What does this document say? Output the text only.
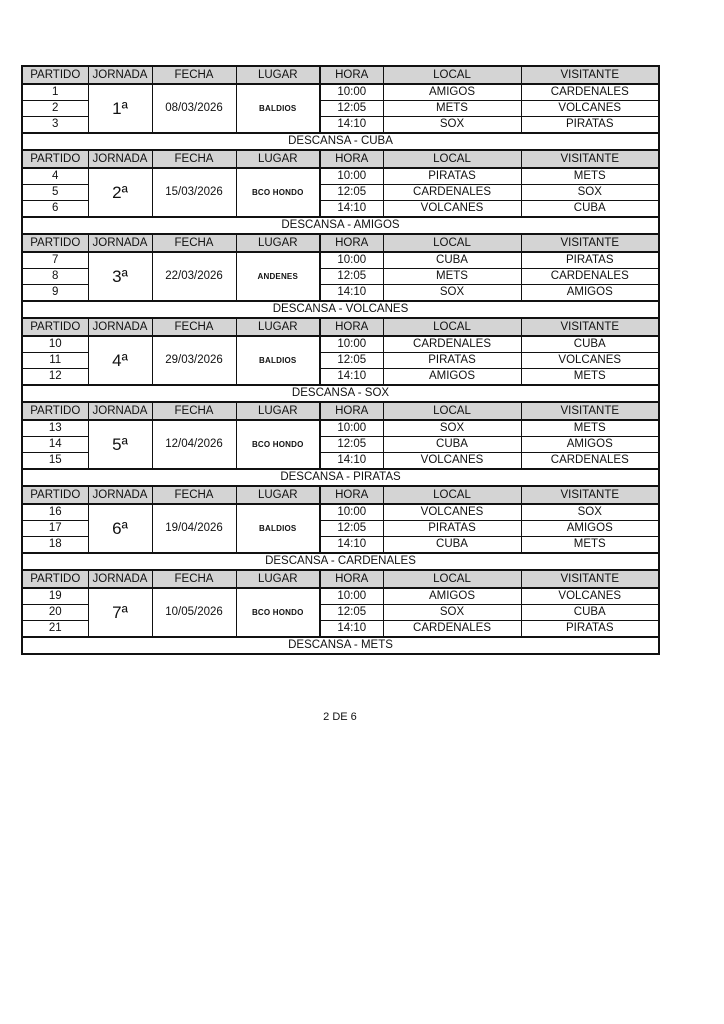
PARTIDO	JORNADA	FECHA	LUGAR	HORA	LOCAL	VISITANTE
1	1ª	08/03/2026	BALDIOS	10:00	AMIGOS	CARDENALES
2				12:05	METS	VOLCANES
3				14:10	SOX	PIRATAS
DESCANSA - CUBA						
PARTIDO	JORNADA	FECHA	LUGAR	HORA	LOCAL	VISITANTE
4	2ª	15/03/2026	BCO HONDO	10:00	PIRATAS	METS
5				12:05	CARDENALES	SOX
6				14:10	VOLCANES	CUBA
DESCANSA - AMIGOS						
PARTIDO	JORNADA	FECHA	LUGAR	HORA	LOCAL	VISITANTE
7	3ª	22/03/2026	ANDENES	10:00	CUBA	PIRATAS
8				12:05	METS	CARDENALES
9				14:10	SOX	AMIGOS
DESCANSA - VOLCANES						
PARTIDO	JORNADA	FECHA	LUGAR	HORA	LOCAL	VISITANTE
10	4ª	29/03/2026	BALDIOS	10:00	CARDENALES	CUBA
11				12:05	PIRATAS	VOLCANES
12				14:10	AMIGOS	METS
DESCANSA - SOX						
PARTIDO	JORNADA	FECHA	LUGAR	HORA	LOCAL	VISITANTE
13	5ª	12/04/2026	BCO HONDO	10:00	SOX	METS
14				12:05	CUBA	AMIGOS
15				14:10	VOLCANES	CARDENALES
DESCANSA - PIRATAS						
PARTIDO	JORNADA	FECHA	LUGAR	HORA	LOCAL	VISITANTE
16	6ª	19/04/2026	BALDIOS	10:00	VOLCANES	SOX
17				12:05	PIRATAS	AMIGOS
18				14:10	CUBA	METS
DESCANSA - CARDENALES						
PARTIDO	JORNADA	FECHA	LUGAR	HORA	LOCAL	VISITANTE
19	7ª	10/05/2026	BCO HONDO	10:00	AMIGOS	VOLCANES
20				12:05	SOX	CUBA
21				14:10	CARDENALES	PIRATAS
DESCANSA - METS						
2 DE 6
